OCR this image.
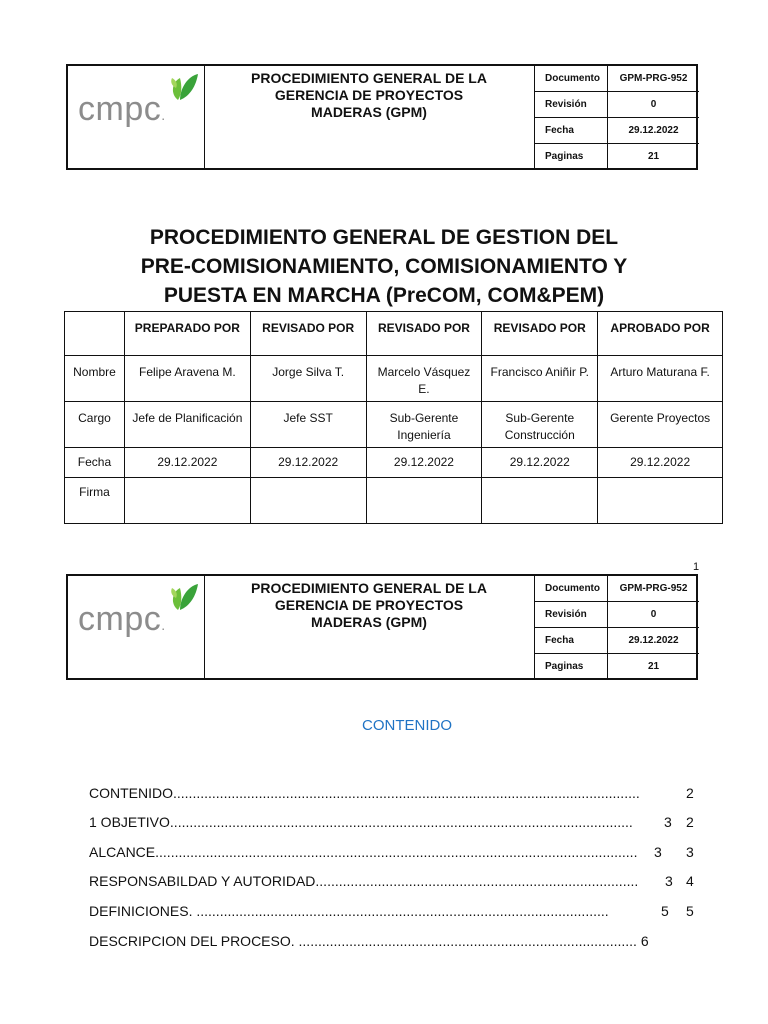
cmpc.
PROCEDIMIENTO GENERAL DE LA
GERENCIA DE PROYECTOS
MADERAS (GPM)
Documento	GPM-PRG-952
Revisión	0
Fecha	29.12.2022
Paginas	21
PROCEDIMIENTO GENERAL DE GESTION DEL
PRE-COMISIONAMIENTO, COMISIONAMIENTO Y
PUESTA EN MARCHA (PreCOM, COM&PEM)
	PREPARADO POR	REVISADO POR	REVISADO POR	REVISADO POR	APROBADO POR
Nombre	Felipe Aravena M.	Jorge Silva T.	Marcelo Vásquez E.	Francisco Aniñir P.	Arturo Maturana F.
Cargo	Jefe de Planificación	Jefe SST	Sub-Gerente Ingeniería	Sub-Gerente Construcción	Gerente Proyectos
Fecha	29.12.2022	29.12.2022	29.12.2022	29.12.2022	29.12.2022
Firma					
1
cmpc.
PROCEDIMIENTO GENERAL DE LA
GERENCIA DE PROYECTOS
MADERAS (GPM)
Documento	GPM-PRG-952
Revisión	0
Fecha	29.12.2022
Paginas	21
CONTENIDO
CONTENIDO........................................................................................................................	2
1 OBJETIVO....................................................................................................................... 3 2
ALCANCE............................................................................................................................ 3 3
RESPONSABILDAD Y AUTORIDAD................................................................................... 3 4
DEFINICIONES. ..........................................................................................................	5 5
DESCRIPCION DEL PROCESO. ....................................................................................... 6
